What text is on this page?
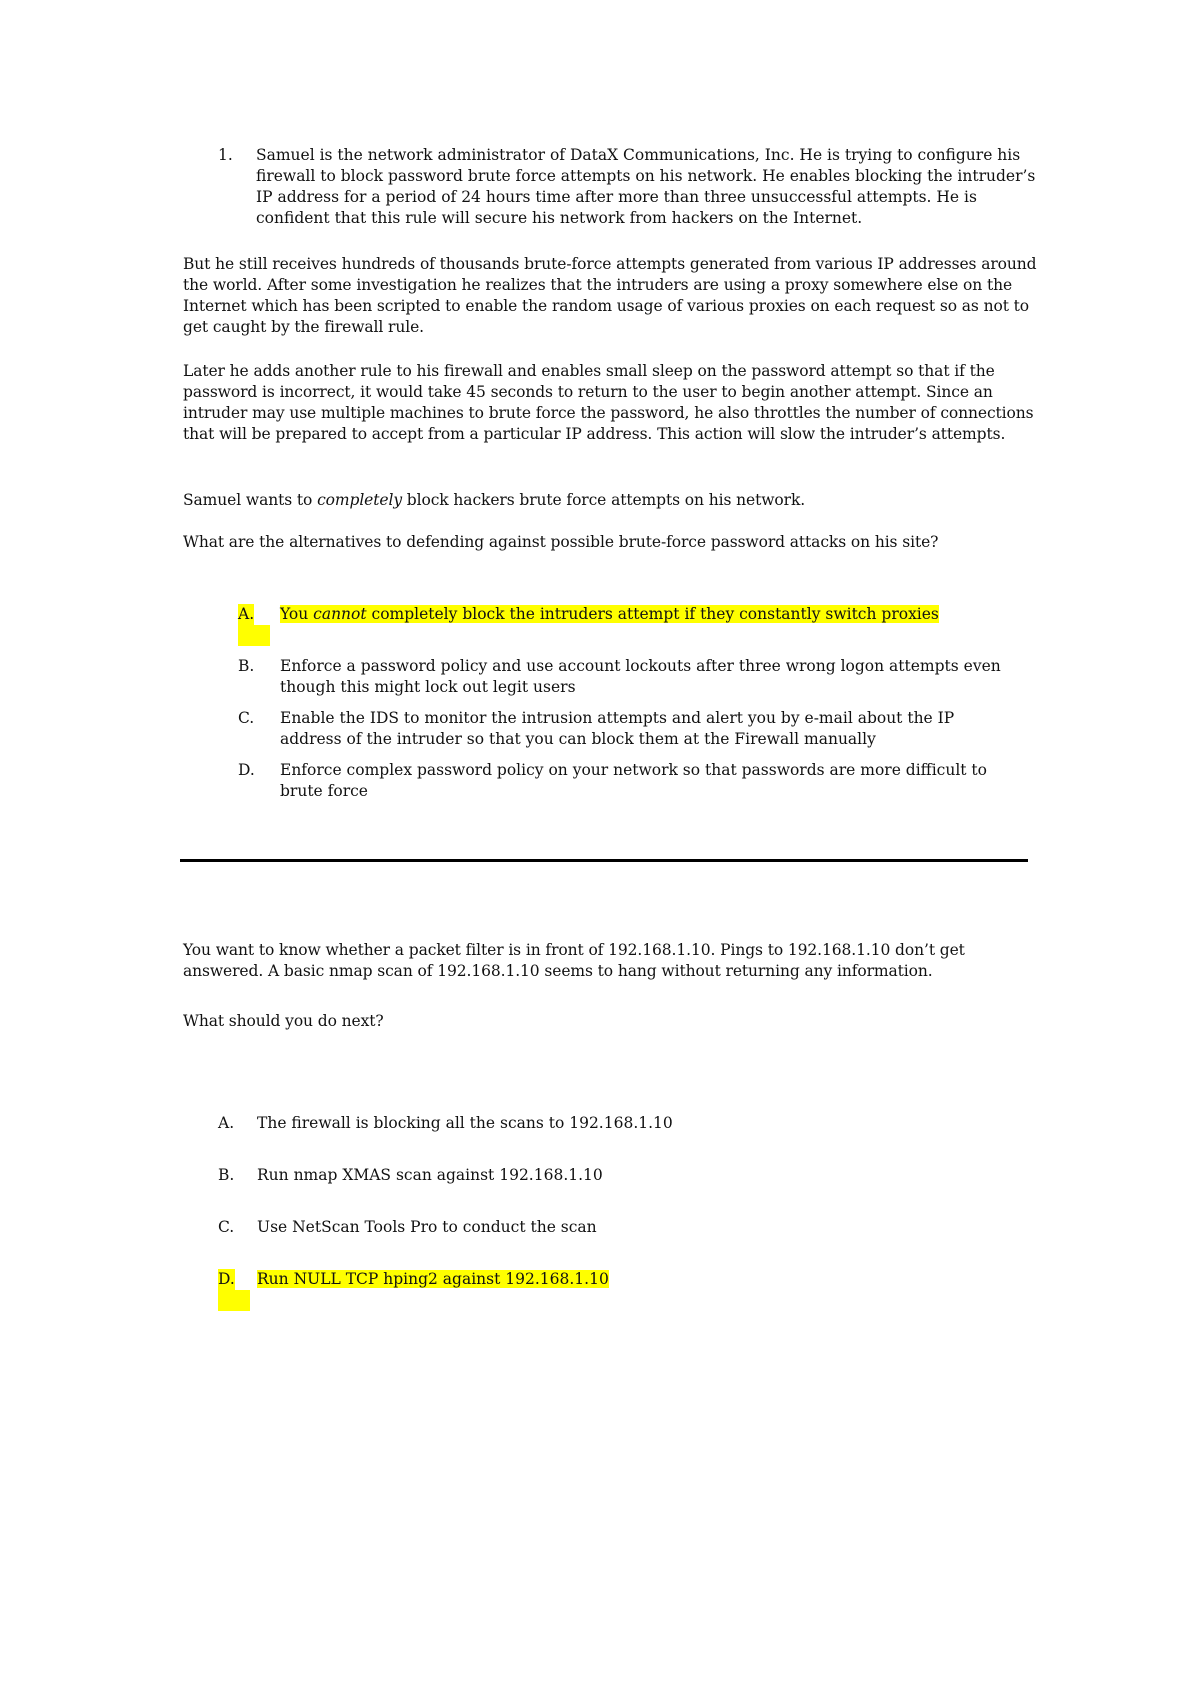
1.	Samuel is the network administrator of DataX Communications, Inc. He is trying to configure his firewall to block password brute force attempts on his network. He enables blocking the intruder’s IP address for a period of 24 hours time after more than three unsuccessful attempts. He is confident that this rule will secure his network from hackers on the Internet.

But he still receives hundreds of thousands brute-force attempts generated from various IP addresses around the world. After some investigation he realizes that the intruders are using a proxy somewhere else on the Internet which has been scripted to enable the random usage of various proxies on each request so as not to get caught by the firewall rule.

Later he adds another rule to his firewall and enables small sleep on the password attempt so that if the password is incorrect, it would take 45 seconds to return to the user to begin another attempt. Since an intruder may use multiple machines to brute force the password, he also throttles the number of connections that will be prepared to accept from a particular IP address. This action will slow the intruder’s attempts.

Samuel wants to completely block hackers brute force attempts on his network.

What are the alternatives to defending against possible brute-force password attacks on his site?

A. You cannot completely block the intruders attempt if they constantly switch proxies
B. Enforce a password policy and use account lockouts after three wrong logon attempts even though this might lock out legit users
C. Enable the IDS to monitor the intrusion attempts and alert you by e-mail about the IP address of the intruder so that you can block them at the Firewall manually
D. Enforce complex password policy on your network so that passwords are more difficult to brute force

You want to know whether a packet filter is in front of 192.168.1.10. Pings to 192.168.1.10 don’t get answered. A basic nmap scan of 192.168.1.10 seems to hang without returning any information.

What should you do next?

A. The firewall is blocking all the scans to 192.168.1.10
B. Run nmap XMAS scan against 192.168.1.10
C. Use NetScan Tools Pro to conduct the scan
D. Run NULL TCP hping2 against 192.168.1.10
